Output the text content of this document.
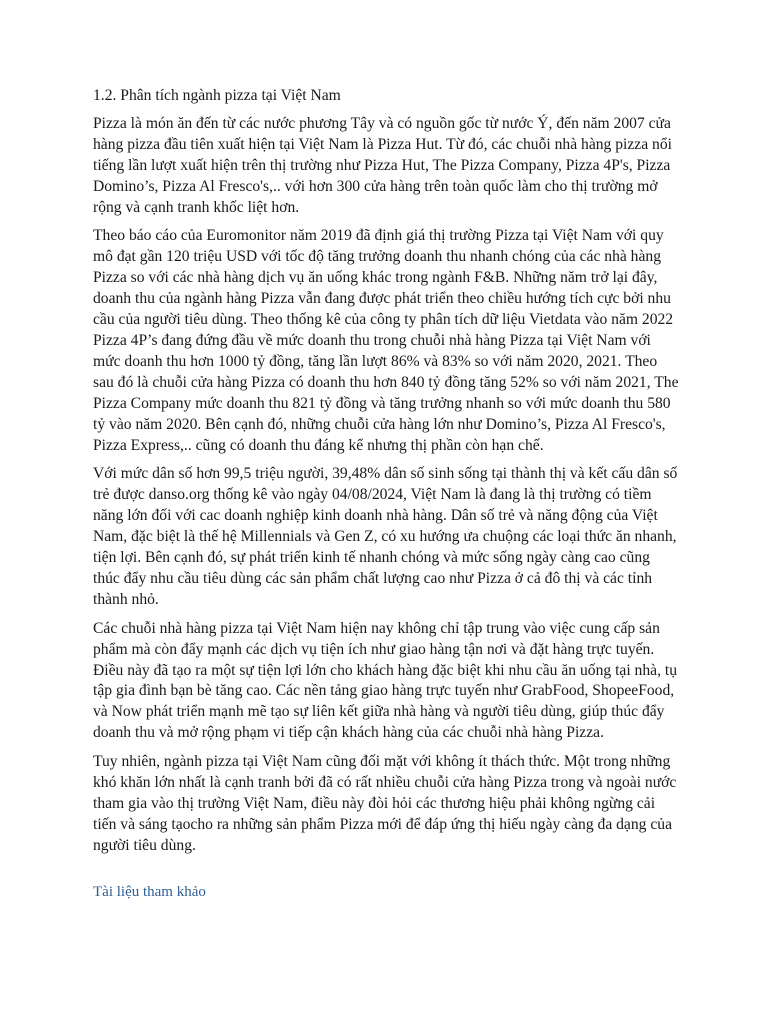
1.2. Phân tích ngành pizza tại Việt Nam

Pizza là món ăn đến từ các nước phương Tây và có nguồn gốc từ nước Ý, đến năm 2007 cửa hàng pizza đầu tiên xuất hiện tại Việt Nam là Pizza Hut. Từ đó, các chuỗi nhà hàng pizza nổi tiếng lần lượt xuất hiện trên thị trường như Pizza Hut, The Pizza Company, Pizza 4P's, Pizza Domino’s, Pizza Al Fresco's,.. với hơn 300 cửa hàng trên toàn quốc làm cho thị trường mở rộng và cạnh tranh khốc liệt hơn.

Theo báo cáo của Euromonitor năm 2019 đã định giá thị trường Pizza tại Việt Nam với quy mô đạt gần 120 triệu USD với tốc độ tăng trưởng doanh thu nhanh chóng của các nhà hàng Pizza so với các nhà hàng dịch vụ ăn uống khác trong ngành F&B. Những năm trở lại đây, doanh thu của ngành hàng Pizza vẫn đang được phát triển theo chiều hướng tích cực bởi nhu cầu của người tiêu dùng. Theo thống kê của công ty phân tích dữ liệu Vietdata vào năm 2022 Pizza 4P’s đang đứng đầu về mức doanh thu trong chuỗi nhà hàng Pizza tại Việt Nam với mức doanh thu hơn 1000 tỷ đồng, tăng lần lượt 86% và 83% so với năm 2020, 2021. Theo sau đó là chuỗi cửa hàng Pizza có doanh thu hơn 840 tỷ đồng tăng 52% so với năm 2021, The Pizza Company mức doanh thu 821 tỷ đồng và tăng trưởng nhanh so với mức doanh thu 580 tỷ vào năm 2020. Bên cạnh đó, những chuỗi cửa hàng lớn như Domino’s, Pizza Al Fresco's, Pizza Express,.. cũng có doanh thu đáng kể nhưng thị phần còn hạn chế.

Với mức dân số hơn 99,5 triệu người, 39,48% dân số sinh sống tại thành thị và kết cấu dân số trẻ được danso.org thống kê vào ngày 04/08/2024, Việt Nam là đang là thị trường có tiềm năng lớn đối với cac doanh nghiệp kinh doanh nhà hàng. Dân số trẻ và năng động của Việt Nam, đặc biệt là thế hệ Millennials và Gen Z, có xu hướng ưa chuộng các loại thức ăn nhanh, tiện lợi. Bên cạnh đó, sự phát triển kinh tế nhanh chóng và mức sống ngày càng cao cũng thúc đẩy nhu cầu tiêu dùng các sản phẩm chất lượng cao như Pizza ở cả đô thị và các tỉnh thành nhỏ.

Các chuỗi nhà hàng pizza tại Việt Nam hiện nay không chỉ tập trung vào việc cung cấp sản phẩm mà còn đẩy mạnh các dịch vụ tiện ích như giao hàng tận nơi và đặt hàng trực tuyến. Điều này đã tạo ra một sự tiện lợi lớn cho khách hàng đặc biệt khi nhu cầu ăn uống tại nhà, tụ tập gia đình bạn bè tăng cao. Các nền tảng giao hàng trực tuyến như GrabFood, ShopeeFood, và Now phát triển mạnh mẽ tạo sự liên kết giữa nhà hàng và người tiêu dùng, giúp thúc đẩy doanh thu và mở rộng phạm vi tiếp cận khách hàng của các chuỗi nhà hàng Pizza.

Tuy nhiên, ngành pizza tại Việt Nam cũng đối mặt với không ít thách thức. Một trong những khó khăn lớn nhất là cạnh tranh bởi đã có rất nhiều chuỗi cửa hàng Pizza trong và ngoài nước tham gia vào thị trường Việt Nam, điều này đòi hỏi các thương hiệu phải không ngừng cải tiến và sáng tạocho ra những sản phẩm Pizza mới để đáp ứng thị hiếu ngày càng đa dạng của người tiêu dùng.

Tài liệu tham khảo
